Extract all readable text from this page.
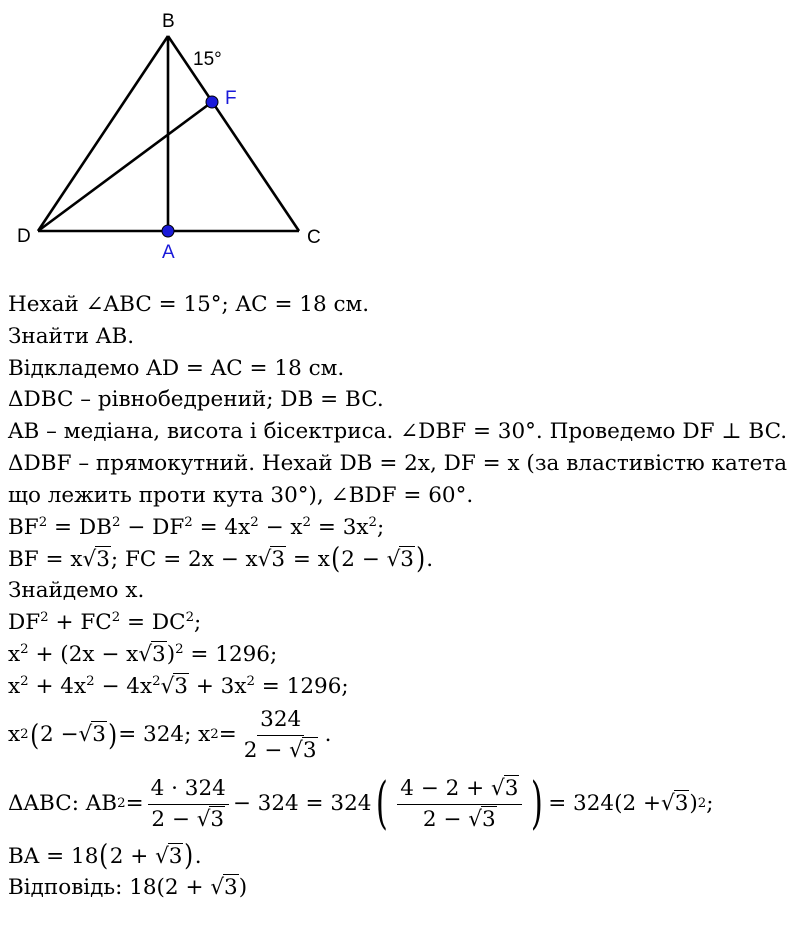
B
15°
F
D
A
C
Нехай ∠ABC = 15°; AC = 18 см.
Знайти AB.
Відкладемо AD = AC = 18 см.
ΔDBC – рівнобедрений; DB = BC.
AB – медіана, висота і бісектриса. ∠DBF = 30°. Проведемо DF ⊥ BC.
ΔDBF – прямокутний. Нехай DB = 2x, DF = x (за властивістю катета
що лежить проти кута 30°), ∠BDF = 60°.
$BF^2 = DB^2 - DF^2 = 4x^2 - x^2 = 3x^2$;
BF = x√3; FC = 2x − x√3 = x(2 − √3).
Знайдемо x.
$DF^2 + FC^2 = DC^2$;
$x^2 + (2x - x√3)^2 = 1296$;
$x^2 + 4x^2 - 4x^2√3 + 3x^2 = 1296$;
x 2 ( 2 − √3 ) = 324; x $2 = \frac{324}{2 - √3}$ .
ΔABC: AB $2 = \frac{4 \cdot 324}{2 - √3} - 324 = 324$ ( $\frac{4 - 2 + √3}{2 - √3}$ ) = 324(2 + √3 ) 2 ;
BA = 18(2 + √3).
Відповідь: 18(2 + √3)
